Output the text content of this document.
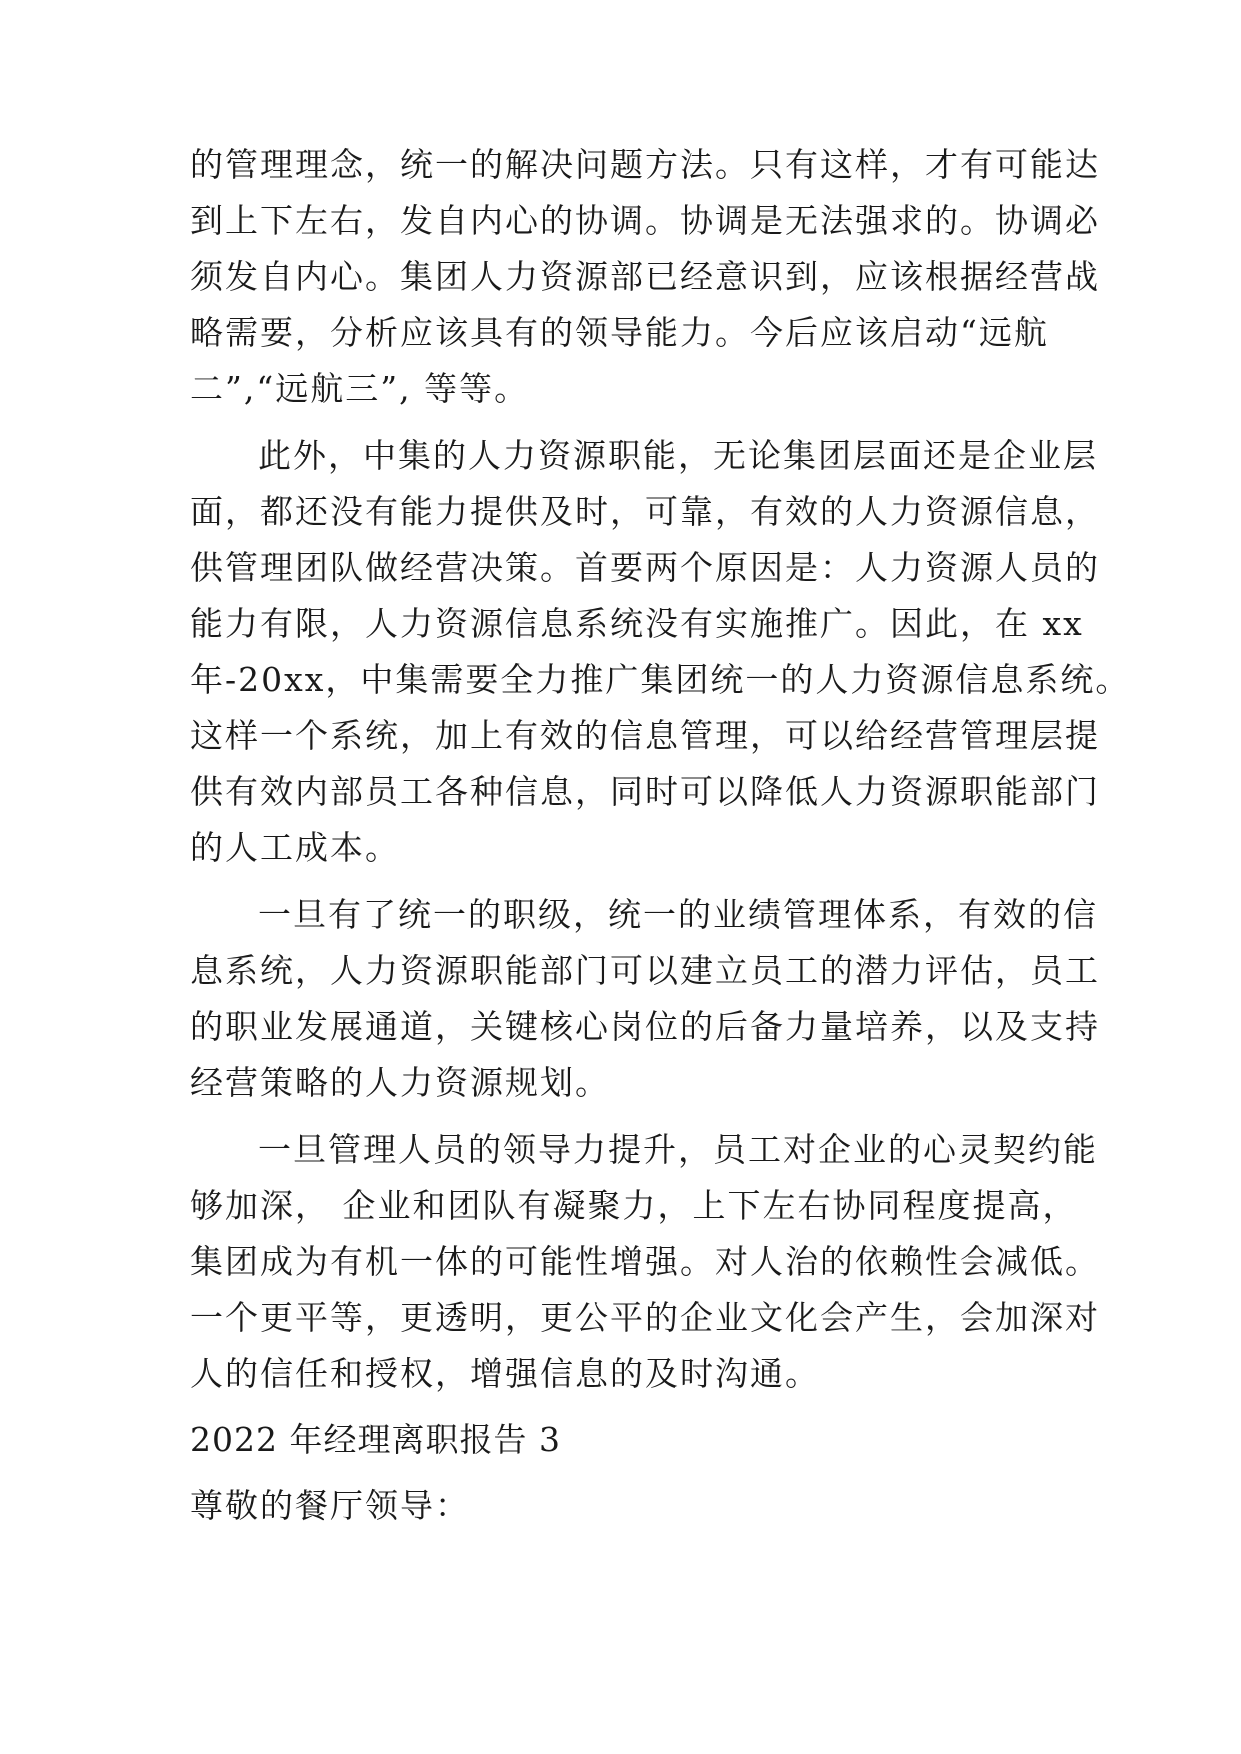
的管理理念，统一的解决问题方法。只有这样，才有可能达
到上下左右，发自内心的协调。协调是无法强求的。协调必
须发自内心。集团人力资源部已经意识到，应该根据经营战
略需要，分析应该具有的领导能力。今后应该启动“远航
二”,“远航三”, 等等。
此外，中集的人力资源职能，无论集团层面还是企业层
面，都还没有能力提供及时，可靠，有效的人力资源信息，
供管理团队做经营决策。首要两个原因是：人力资源人员的
能力有限，人力资源信息系统没有实施推广。因此，在 xx
年-20xx，中集需要全力推广集团统一的人力资源信息系统。
这样一个系统，加上有效的信息管理，可以给经营管理层提
供有效内部员工各种信息，同时可以降低人力资源职能部门
的人工成本。
一旦有了统一的职级，统一的业绩管理体系，有效的信
息系统，人力资源职能部门可以建立员工的潜力评估，员工
的职业发展通道，关键核心岗位的后备力量培养，以及支持
经营策略的人力资源规划。
一旦管理人员的领导力提升，员工对企业的心灵契约能
够加深， 企业和团队有凝聚力，上下左右协同程度提高，
集团成为有机一体的可能性增强。对人治的依赖性会减低。
一个更平等，更透明，更公平的企业文化会产生，会加深对
人的信任和授权，增强信息的及时沟通。
2022 年经理离职报告 3
尊敬的餐厅领导：
